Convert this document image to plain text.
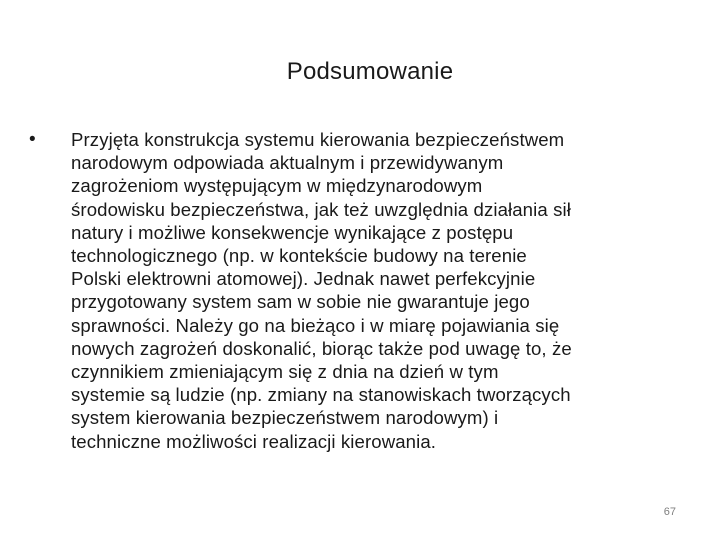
Podsumowanie
•	Przyjęta konstrukcja systemu kierowania bezpieczeństwem
narodowym odpowiada aktualnym i przewidywanym
zagrożeniom występującym w międzynarodowym
środowisku bezpieczeństwa, jak też uwzględnia działania sił
natury i możliwe konsekwencje wynikające z postępu
technologicznego (np. w kontekście budowy na terenie
Polski elektrowni atomowej). Jednak nawet perfekcyjnie
przygotowany system sam w sobie nie gwarantuje jego
sprawności. Należy go na bieżąco i w miarę pojawiania się
nowych zagrożeń doskonalić, biorąc także pod uwagę to, że
czynnikiem zmieniającym się z dnia na dzień w tym
systemie są ludzie (np. zmiany na stanowiskach tworzących
system kierowania bezpieczeństwem narodowym) i
techniczne możliwości realizacji kierowania.
67
